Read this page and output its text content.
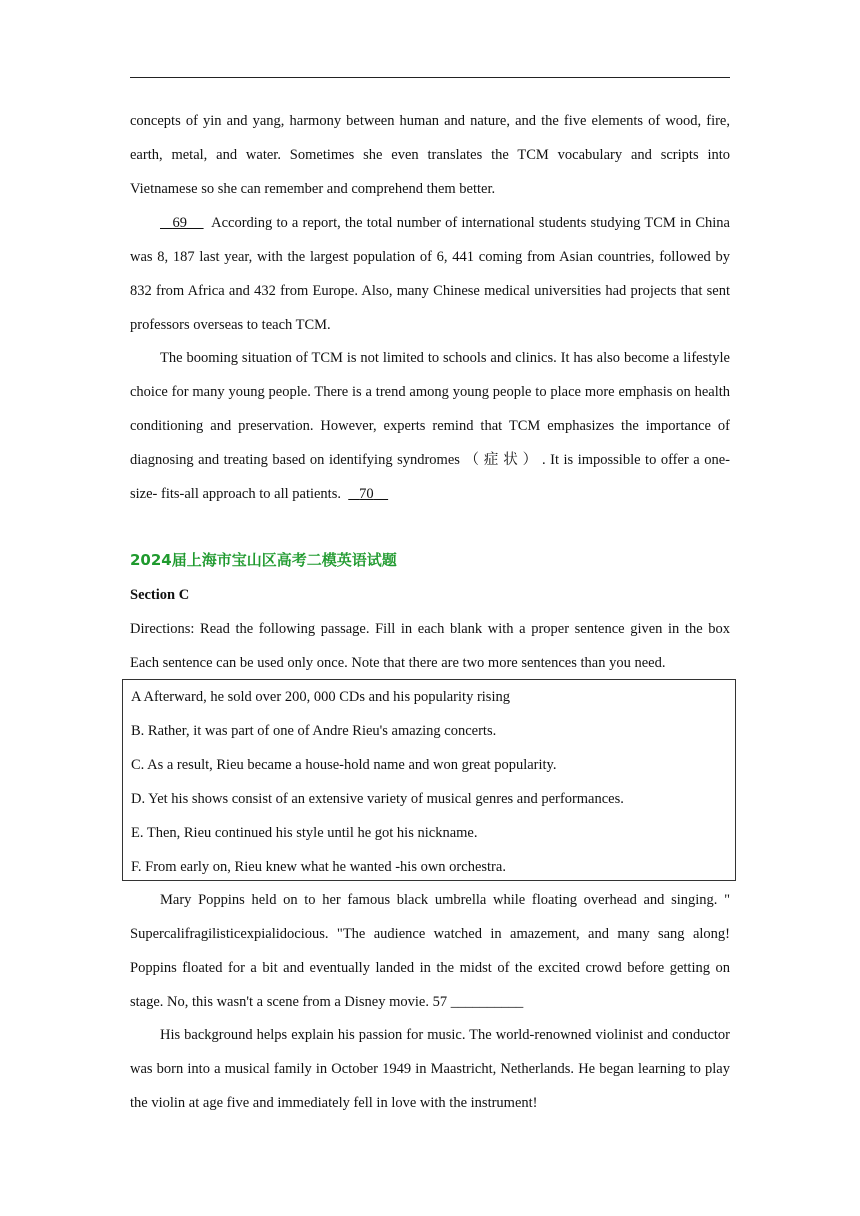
concepts of yin and yang, harmony between human and nature, and the five elements of wood, fire, earth, metal, and water. Sometimes she even translates the TCM vocabulary and scripts into Vietnamese so she can remember and comprehend them better.

69 According to a report, the total number of international students studying TCM in China was 8, 187 last year, with the largest population of 6, 441 coming from Asian countries, followed by 832 from Africa and 432 from Europe. Also, many Chinese medical universities had projects that sent professors overseas to teach TCM.

The booming situation of TCM is not limited to schools and clinics. It has also become a lifestyle choice for many young people. There is a trend among young people to place more emphasis on health conditioning and preservation. However, experts remind that TCM emphasizes the importance of diagnosing and treating based on identifying syndromes （症状）. It is impossible to offer a one-size- fits-all approach to all patients. 70

2024届上海市宝山区高考二模英语试题
Section C

Directions: Read the following passage. Fill in each blank with a proper sentence given in the box Each sentence can be used only once. Note that there are two more sentences than you need.

A Afterward, he sold over 200, 000 CDs and his popularity rising
B. Rather, it was part of one of Andre Rieu's amazing concerts.
C. As a result, Rieu became a house-hold name and won great popularity.
D. Yet his shows consist of an extensive variety of musical genres and performances.
E. Then, Rieu continued his style until he got his nickname.
F. From early on, Rieu knew what he wanted -his own orchestra.

Mary Poppins held on to her famous black umbrella while floating overhead and singing. " Supercalifragilisticexpialidocious. "The audience watched in amazement, and many sang along! Poppins floated for a bit and eventually landed in the midst of the excited crowd before getting on stage. No, this wasn't a scene from a Disney movie. 57 __________

His background helps explain his passion for music. The world-renowned violinist and conductor was born into a musical family in October 1949 in Maastricht, Netherlands. He began learning to play the violin at age five and immediately fell in love with the instrument!
